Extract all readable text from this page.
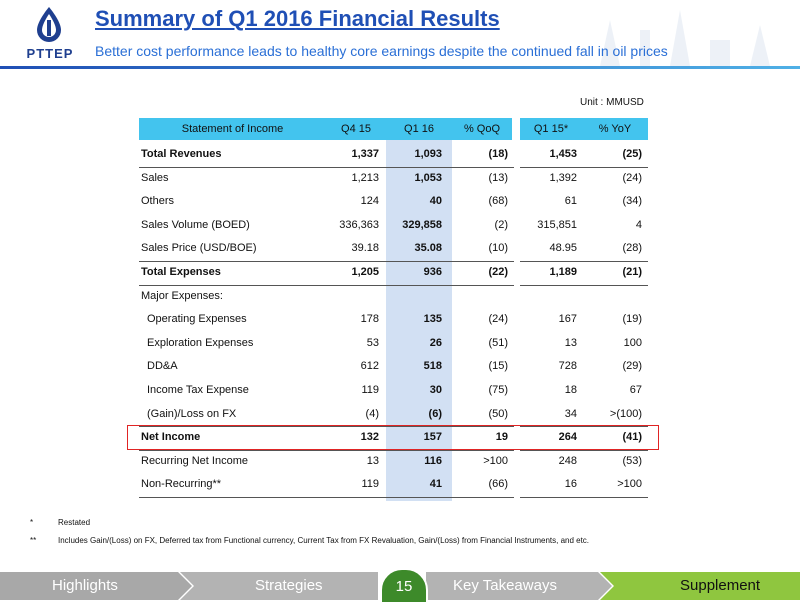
PTTEP
Summary of Q1 2016 Financial Results
Better cost performance leads to healthy core earnings despite the continued fall in oil prices
Unit : MMUSD
Statement of Income	Q4 15	Q1 16	% QoQ	Q1 15*	% YoY
Total Revenues	1,337	1,093	(18)	1,453	(25)
Sales	1,213	1,053	(13)	1,392	(24)
Others	124	40	(68)	61	(34)
Sales Volume (BOED)	336,363	329,858	(2)	315,851	4
Sales Price (USD/BOE)	39.18	35.08	(10)	48.95	(28)
Total Expenses	1,205	936	(22)	1,189	(21)
Major Expenses:
Operating Expenses	178	135	(24)	167	(19)
Exploration Expenses	53	26	(51)	13	100
DD&A	612	518	(15)	728	(29)
Income Tax Expense	119	30	(75)	18	67
(Gain)/Loss on FX	(4)	(6)	(50)	34	>(100)
Net Income	132	157	19	264	(41)
Recurring Net Income	13	116	>100	248	(53)
Non-Recurring**	119	41	(66)	16	>100
*	Restated
**	Includes Gain/(Loss) on FX, Deferred tax from Functional currency, Current Tax from FX Revaluation, Gain/(Loss) from Financial Instruments, and etc.
Highlights	Strategies	Key Takeaways	Supplement
15
